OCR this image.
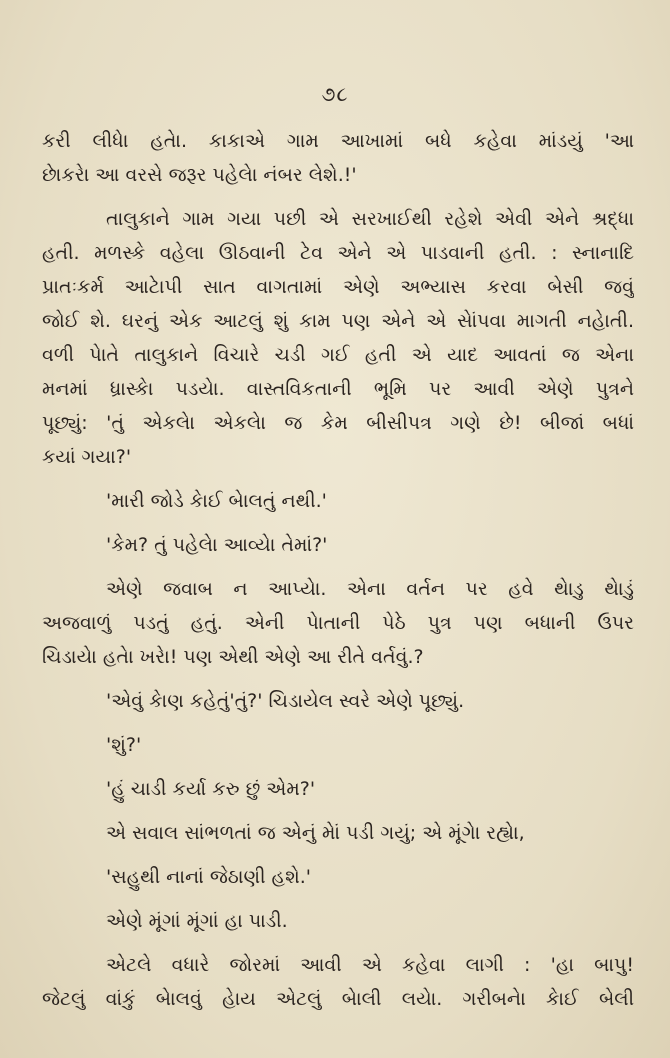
૭૮
કરી લીધેા હતેા. કાકાએ ગામ આખામાં બધે કહેવા માંડયું 'આ
છેાકરેા આ વરસે જરૂર પહેલેા નંબર લેશે.!'
તાલુકાને ગામ ગયા પછી એ સરખાઈથી રહેશે એવી એને શ્રદ્ધા
હતી. મળસ્કે વહેલા ઊઠવાની ટેવ એને એ પાડવાની હતી. : સ્નાનાદિ
પ્રાતઃકર્મ આટેાપી સાત વાગતામાં એણે અભ્યાસ કરવા બેસી જવું
જોઈ શે. ઘરનું એક આટલું શું કામ પણ એને એ સેાંપવા માગતી નહેાતી.
વળી પેાતે તાલુકાને વિચારે ચડી ગઈ હતી એ યાદ આવતાં જ એના
મનમાં ધ્રાસ્કેા પડયેા. વાસ્તવિકતાની ભૂમિ પર આવી એણે પુત્રને
પૂછ્યું: 'તું એકલેા એકલેા જ કેમ બીસીપત્ર ગણે છે! બીજાં બધાં
કયાં ગયા?'
'મારી જોડે કેાઈ બેાલતું નથી.'
'કેમ? તું પહેલેા આવ્યેા તેમાં?'
એણે જવાબ ન આપ્યેા. એના વર્તન પર હવે થેાડુ થેાડું
અજવાળું પડતું હતું. એની પેાતાની પેઠે પુત્ર પણ બધાની ઉપર
ચિડાયેા હતેા ખરેા! પણ એથી એણે આ રીતે વર્તવું.?
'એવું કેાણ કહેતું'તું?' ચિડાયેલ સ્વરે એણે પૂછ્યું.
'શું?'
'હું ચાડી કર્યા કરુ છું એમ?'
એ સવાલ સાંભળતાં જ એનું મેાં પડી ગયું; એ મૂંગેા રહ્યેા,
'સહુથી નાનાં જેઠાણી હશે.'
એણે મૂંગાં મૂંગાં હા પાડી.
એટલે વધારે જોરમાં આવી એ કહેવા લાગી : 'હા બાપુ!
જેટલું વાંકું બેાલવું હેાય એટલું બેાલી લયેા. ગરીબનેા કેાઈ બેલી
